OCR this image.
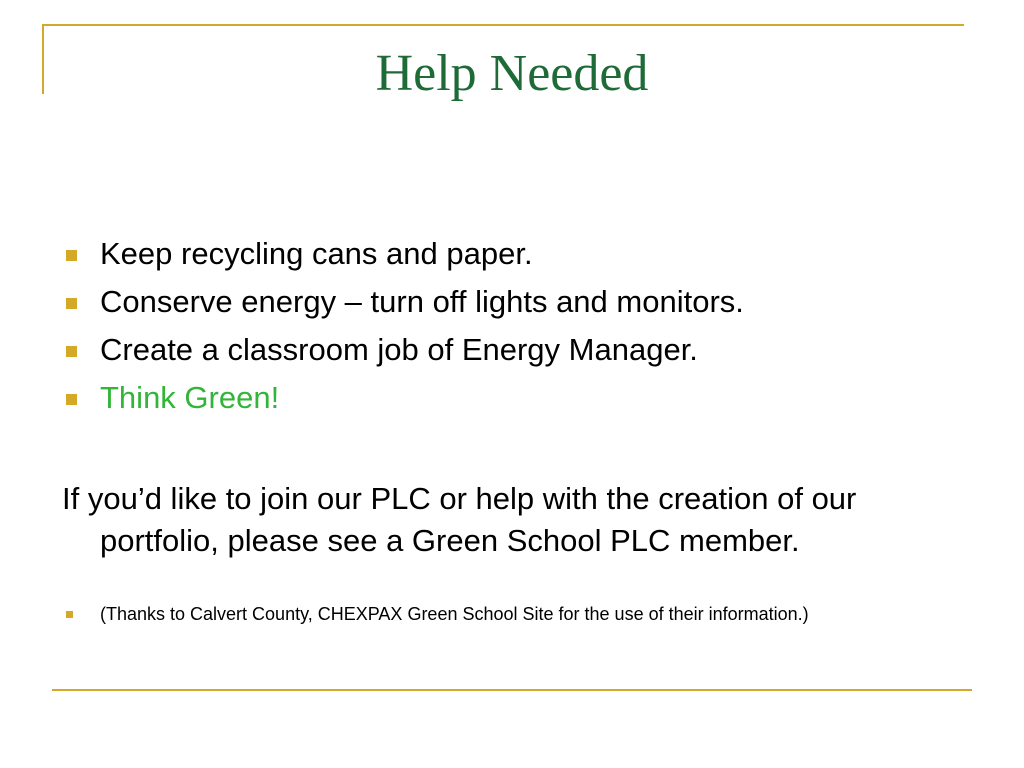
Help Needed
Keep recycling cans and paper.
Conserve energy – turn off lights and monitors.
Create a classroom job of Energy Manager.
Think Green!

If you’d like to join our PLC or help with the creation of our portfolio, please see a Green School PLC member.

(Thanks to Calvert County, CHEXPAX Green School Site for the use of their information.)
